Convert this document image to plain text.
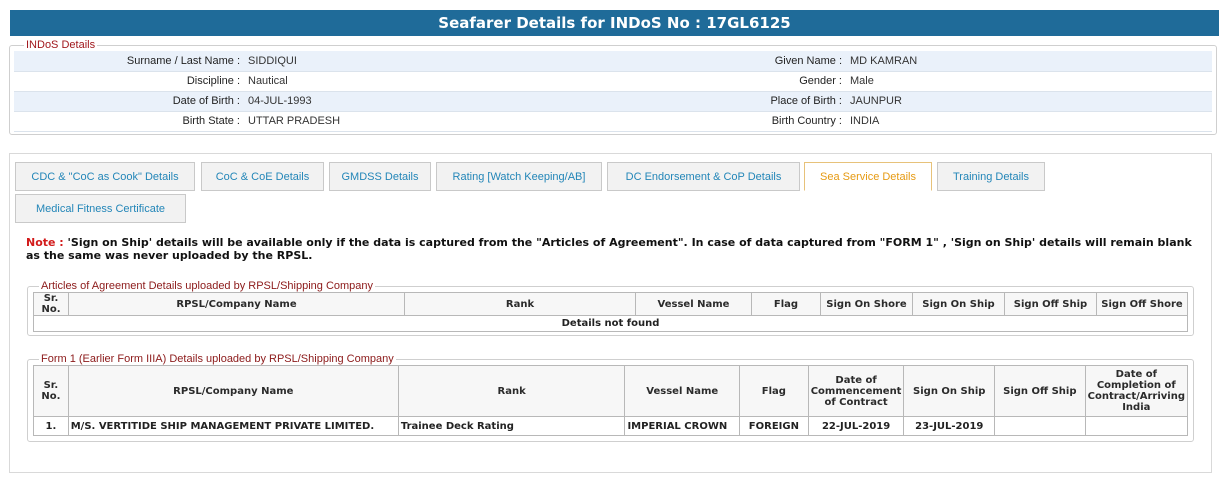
Seafarer Details for INDoS No : 17GL6125
INDoS Details
Surname / Last Name :	SIDDIQUI	Given Name :	MD KAMRAN
Discipline :	Nautical	Gender :	Male
Date of Birth :	04-JUL-1993	Place of Birth :	JAUNPUR
Birth State :	UTTAR PRADESH	Birth Country :	INDIA
CDC & "CoC as Cook" Details	CoC & CoE Details	GMDSS Details	Rating [Watch Keeping/AB]	DC Endorsement & CoP Details	Sea Service Details	Training Details
Medical Fitness Certificate
Note : 'Sign on Ship' details will be available only if the data is captured from the "Articles of Agreement". In case of data captured from "FORM 1" , 'Sign on Ship' details will remain blank as the same was never uploaded by the RPSL.
Articles of Agreement Details uploaded by RPSL/Shipping Company
Sr. No.	RPSL/Company Name	Rank	Vessel Name	Flag	Sign On Shore	Sign On Ship	Sign Off Ship	Sign Off Shore
Details not found
Form 1 (Earlier Form IIIA) Details uploaded by RPSL/Shipping Company
Sr. No.	RPSL/Company Name	Rank	Vessel Name	Flag	Date of Commencement of Contract	Sign On Ship	Sign Off Ship	Date of Completion of Contract/Arriving India
1.	M/S. VERTITIDE SHIP MANAGEMENT PRIVATE LIMITED.	Trainee Deck Rating	IMPERIAL CROWN	FOREIGN	22-JUL-2019	23-JUL-2019		
